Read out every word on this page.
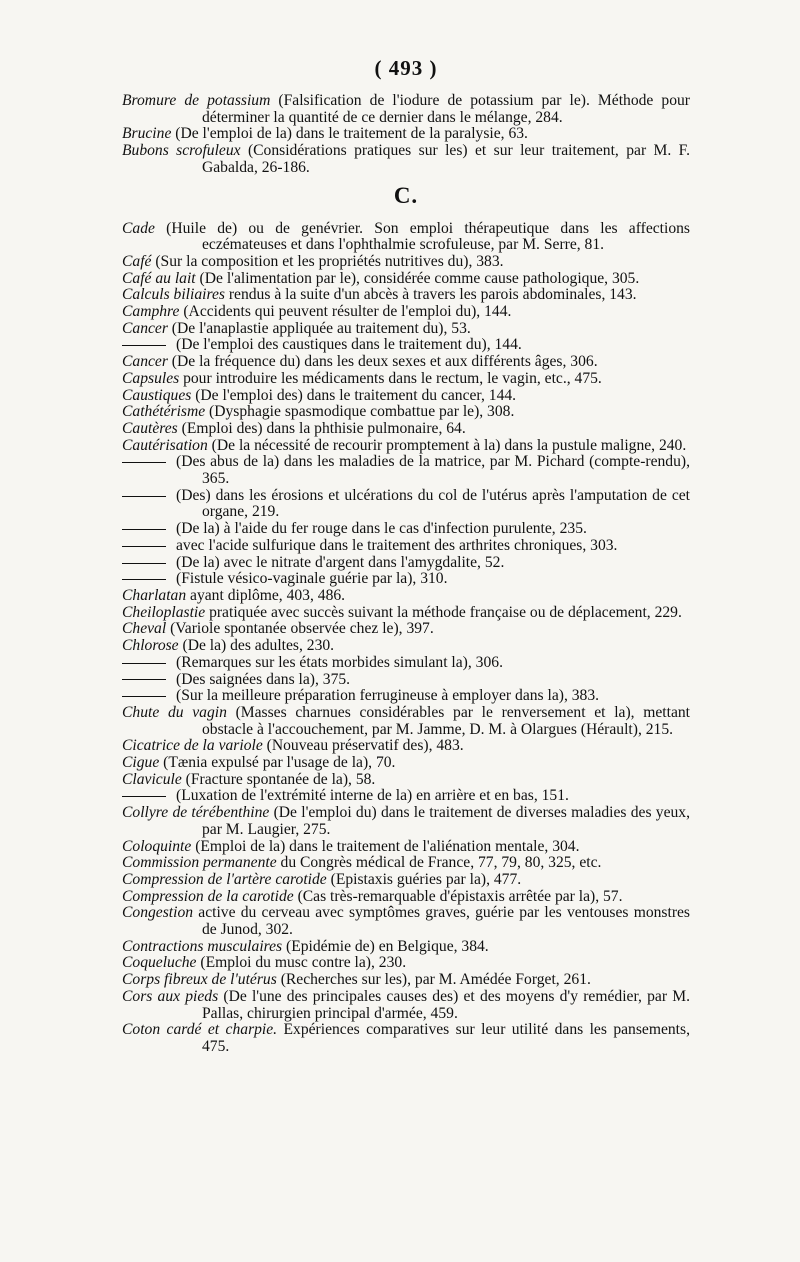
( 493 )

Bromure de potassium (Falsification de l'iodure de potassium par le). Méthode pour déterminer la quantité de ce dernier dans le mélange, 284.

Brucine (De l'emploi de la) dans le traitement de la paralysie, 63.

Bubons scrofuleux (Considérations pratiques sur les) et sur leur traitement, par M. F. Gabalda, 26-186.

C.

Cade (Huile de) ou de genévrier. Son emploi thérapeutique dans les affections eczémateuses et dans l'ophthalmie scrofuleuse, par M. Serre, 81.

Café (Sur la composition et les propriétés nutritives du), 383.

Café au lait (De l'alimentation par le), considérée comme cause pathologique, 305.

Calculs biliaires rendus à la suite d'un abcès à travers les parois abdominales, 143.

Camphre (Accidents qui peuvent résulter de l'emploi du), 144.

Cancer (De l'anaplastie appliquée au traitement du), 53.

(De l'emploi des caustiques dans le traitement du), 144.

Cancer (De la fréquence du) dans les deux sexes et aux différents âges, 306.

Capsules pour introduire les médicaments dans le rectum, le vagin, etc., 475.

Caustiques (De l'emploi des) dans le traitement du cancer, 144.

Cathétérisme (Dysphagie spasmodique combattue par le), 308.

Cautères (Emploi des) dans la phthisie pulmonaire, 64.

Cautérisation (De la nécessité de recourir promptement à la) dans la pustule maligne, 240.

(Des abus de la) dans les maladies de la matrice, par M. Pichard (compte-rendu), 365.

(Des) dans les érosions et ulcérations du col de l'utérus après l'amputation de cet organe, 219.

(De la) à l'aide du fer rouge dans le cas d'infection purulente, 235.

avec l'acide sulfurique dans le traitement des arthrites chroniques, 303.

(De la) avec le nitrate d'argent dans l'amygdalite, 52.

(Fistule vésico-vaginale guérie par la), 310.

Charlatan ayant diplôme, 403, 486.

Cheiloplastie pratiquée avec succès suivant la méthode française ou de déplacement, 229.

Cheval (Variole spontanée observée chez le), 397.

Chlorose (De la) des adultes, 230.

(Remarques sur les états morbides simulant la), 306.

(Des saignées dans la), 375.

(Sur la meilleure préparation ferrugineuse à employer dans la), 383.

Chute du vagin (Masses charnues considérables par le renversement et la), mettant obstacle à l'accouchement, par M. Jamme, D. M. à Olargues (Hérault), 215.

Cicatrice de la variole (Nouveau préservatif des), 483.

Cigue (Tænia expulsé par l'usage de la), 70.

Clavicule (Fracture spontanée de la), 58.

(Luxation de l'extrémité interne de la) en arrière et en bas, 151.

Collyre de térébenthine (De l'emploi du) dans le traitement de diverses maladies des yeux, par M. Laugier, 275.

Coloquinte (Emploi de la) dans le traitement de l'aliénation mentale, 304.

Commission permanente du Congrès médical de France, 77, 79, 80, 325, etc.

Compression de l'artère carotide (Epistaxis guéries par la), 477.

Compression de la carotide (Cas très-remarquable d'épistaxis arrêtée par la), 57.

Congestion active du cerveau avec symptômes graves, guérie par les ventouses monstres de Junod, 302.

Contractions musculaires (Epidémie de) en Belgique, 384.

Coqueluche (Emploi du musc contre la), 230.

Corps fibreux de l'utérus (Recherches sur les), par M. Amédée Forget, 261.

Cors aux pieds (De l'une des principales causes des) et des moyens d'y remédier, par M. Pallas, chirurgien principal d'armée, 459.

Coton cardé et charpie. Expériences comparatives sur leur utilité dans les pansements, 475.
